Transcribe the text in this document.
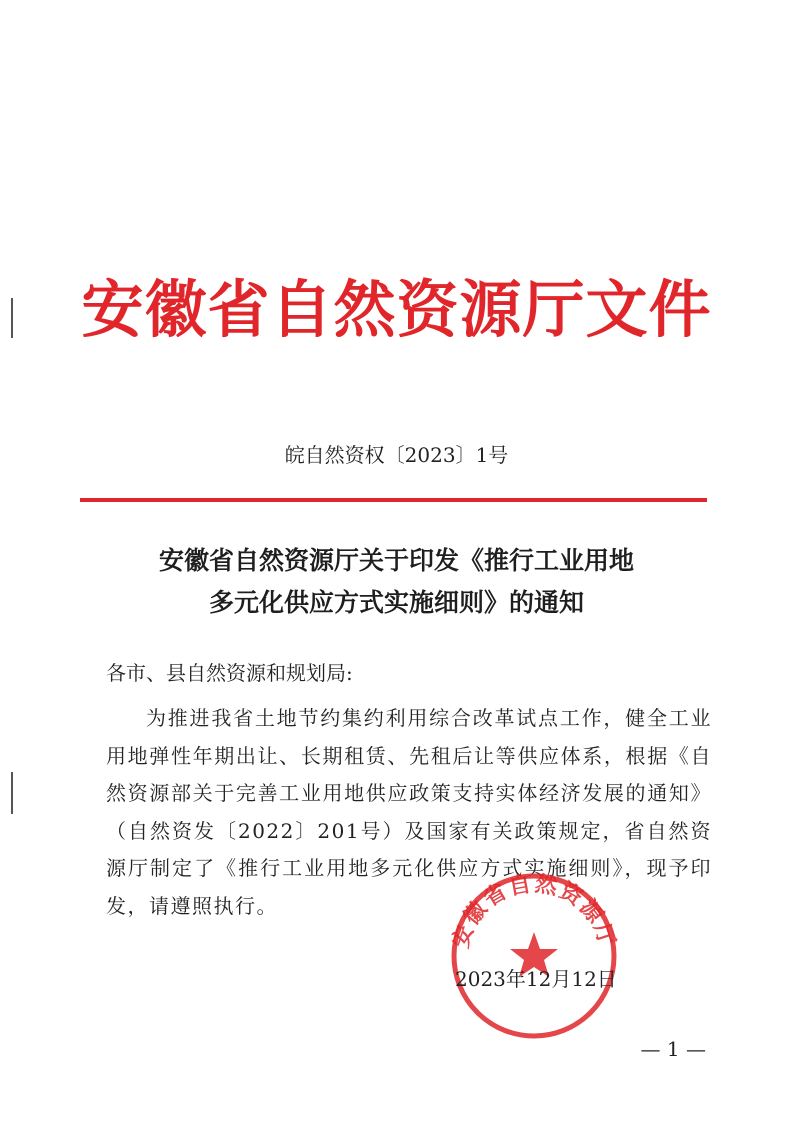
安徽省自然资源厅文件
皖自然资权〔2023〕1号
安徽省自然资源厅关于印发《推行工业用地
多元化供应方式实施细则》的通知
各市、县自然资源和规划局:
为推进我省土地节约集约利用综合改革试点工作，健全工业用地弹性年期出让、长期租赁、先租后让等供应体系，根据《自然资源部关于完善工业用地供应政策支持实体经济发展的通知》（自然资发〔2022〕201号）及国家有关政策规定，省自然资源厅制定了《推行工业用地多元化供应方式实施细则》，现予印发，请遵照执行。
安徽省自然资源厅
2023年12月12日
— 1 —
